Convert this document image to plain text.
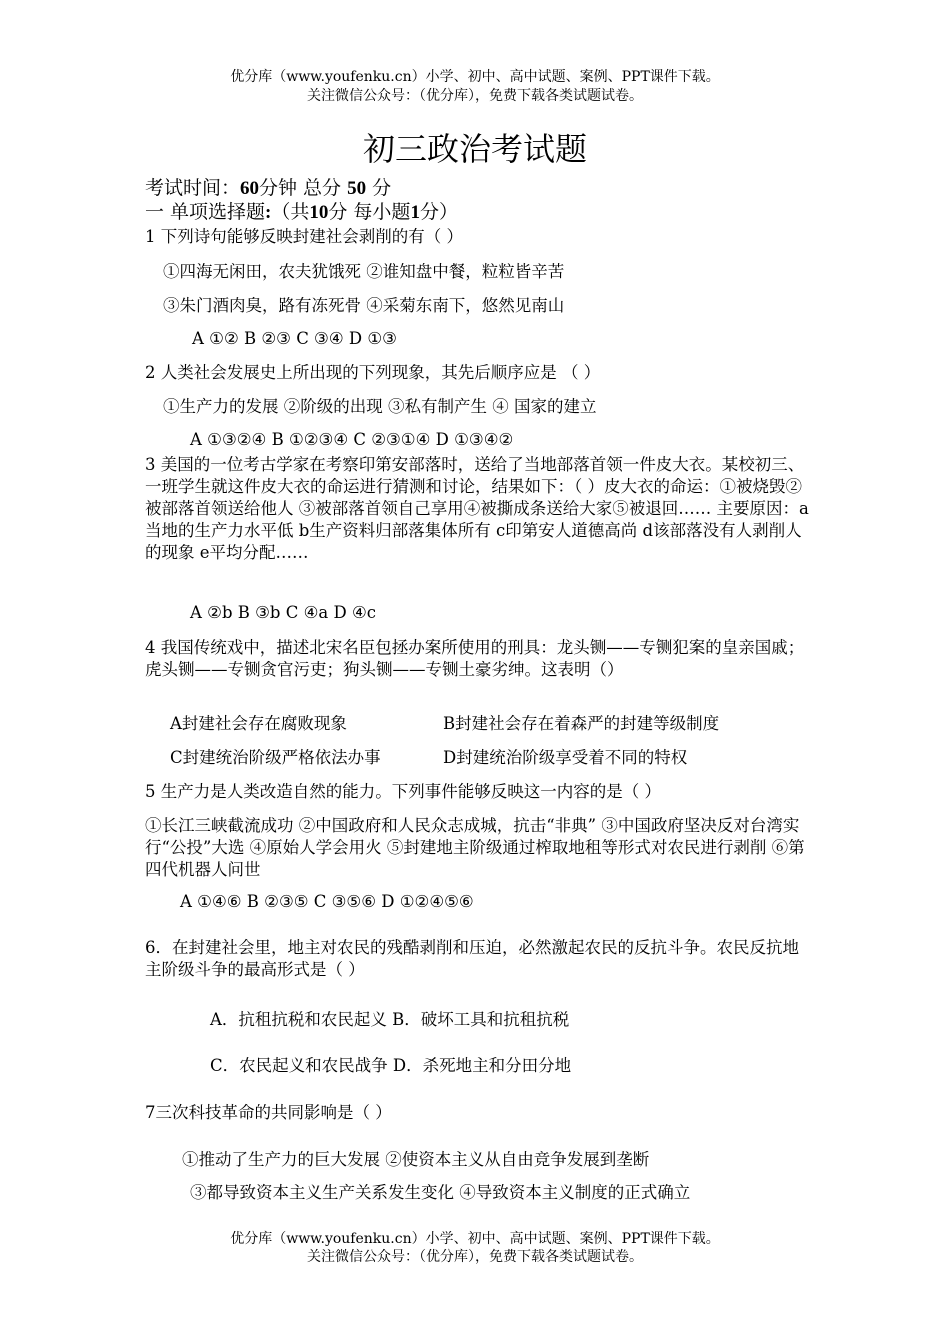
优分库（www.youfenku.cn）小学、初中、高中试题、案例、PPT课件下载。
关注微信公众号：（优分库），免费下载各类试题试卷。
初三政治考试题
考试时间：60分钟 总分 50 分
一 单项选择题:（共10分 每小题1分）
1 下列诗句能够反映封建社会剥削的有（ ）
①四海无闲田，农夫犹饿死 ②谁知盘中餐，粒粒皆辛苦
③朱门酒肉臭，路有冻死骨 ④采菊东南下，悠然见南山
A ①② B ②③ C ③④ D ①③
2 人类社会发展史上所出现的下列现象，其先后顺序应是 （ ）
①生产力的发展 ②阶级的出现 ③私有制产生 ④ 国家的建立
A ①③②④ B ①②③④ C ②③①④ D ①③④②
3 美国的一位考古学家在考察印第安部落时，送给了当地部落首领一件皮大衣。某校初三、一班学生就这件皮大衣的命运进行猜测和讨论，结果如下：（ ）皮大衣的命运：①被烧毁②被部落首领送给他人 ③被部落首领自己享用④被撕成条送给大家⑤被退回…… 主要原因：a当地的生产力水平低 b生产资料归部落集体所有 c印第安人道德高尚 d该部落没有人剥削人的现象 e平均分配……
A ②b B ③b C ④a D ④c
4 我国传统戏中，描述北宋名臣包拯办案所使用的刑具：龙头铡——专铡犯案的皇亲国戚；虎头铡——专铡贪官污吏；狗头铡——专铡土豪劣绅。这表明（）
A封建社会存在腐败现象	B封建社会存在着森严的封建等级制度
C封建统治阶级严格依法办事	D封建统治阶级享受着不同的特权
5 生产力是人类改造自然的能力。下列事件能够反映这一内容的是（ ）
①长江三峡截流成功 ②中国政府和人民众志成城，抗击“非典” ③中国政府坚决反对台湾实行“公投”大选 ④原始人学会用火 ⑤封建地主阶级通过榨取地租等形式对农民进行剥削 ⑥第四代机器人问世
A ①④⑥ B ②③⑤ C ③⑤⑥ D ①②④⑤⑥
6．在封建社会里，地主对农民的残酷剥削和压迫，必然激起农民的反抗斗争。农民反抗地主阶级斗争的最高形式是（ ）
A．抗租抗税和农民起义 B．破坏工具和抗租抗税
C．农民起义和农民战争 D．杀死地主和分田分地
7三次科技革命的共同影响是（ ）
①推动了生产力的巨大发展 ②使资本主义从自由竞争发展到垄断
③都导致资本主义生产关系发生变化 ④导致资本主义制度的正式确立
优分库（www.youfenku.cn）小学、初中、高中试题、案例、PPT课件下载。
关注微信公众号：（优分库），免费下载各类试题试卷。
